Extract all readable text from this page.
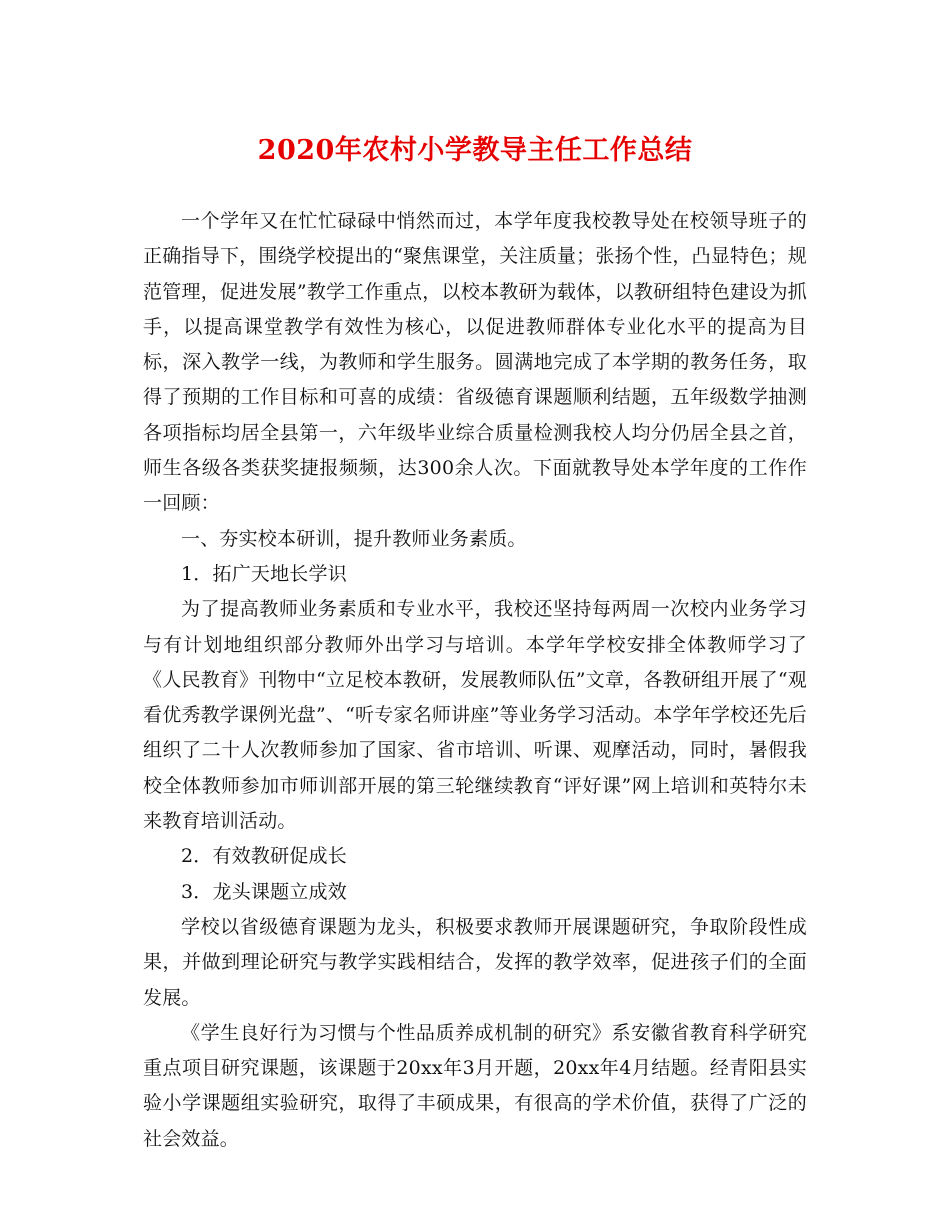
2020年农村小学教导主任工作总结

一个学年又在忙忙碌碌中悄然而过，本学年度我校教导处在校领导班子的正确指导下，围绕学校提出的“聚焦课堂，关注质量；张扬个性，凸显特色；规范管理，促进发展”教学工作重点，以校本教研为载体，以教研组特色建设为抓手，以提高课堂教学有效性为核心，以促进教师群体专业化水平的提高为目标，深入教学一线，为教师和学生服务。圆满地完成了本学期的教务任务，取得了预期的工作目标和可喜的成绩：省级德育课题顺利结题，五年级数学抽测各项指标均居全县第一，六年级毕业综合质量检测我校人均分仍居全县之首，师生各级各类获奖捷报频频，达300余人次。下面就教导处本学年度的工作作一回顾：

一、夯实校本研训，提升教师业务素质。

1．拓广天地长学识

为了提高教师业务素质和专业水平，我校还坚持每两周一次校内业务学习与有计划地组织部分教师外出学习与培训。本学年学校安排全体教师学习了《人民教育》刊物中“立足校本教研，发展教师队伍”文章，各教研组开展了“观看优秀教学课例光盘”、“听专家名师讲座”等业务学习活动。本学年学校还先后组织了二十人次教师参加了国家、省市培训、听课、观摩活动，同时，暑假我校全体教师参加市师训部开展的第三轮继续教育“评好课”网上培训和英特尔未来教育培训活动。

2．有效教研促成长

3．龙头课题立成效

学校以省级德育课题为龙头，积极要求教师开展课题研究，争取阶段性成果，并做到理论研究与教学实践相结合，发挥的教学效率，促进孩子们的全面发展。

《学生良好行为习惯与个性品质养成机制的研究》系安徽省教育科学研究重点项目研究课题，该课题于20xx年3月开题，20xx年4月结题。经青阳县实验小学课题组实验研究，取得了丰硕成果，有很高的学术价值，获得了广泛的社会效益。
